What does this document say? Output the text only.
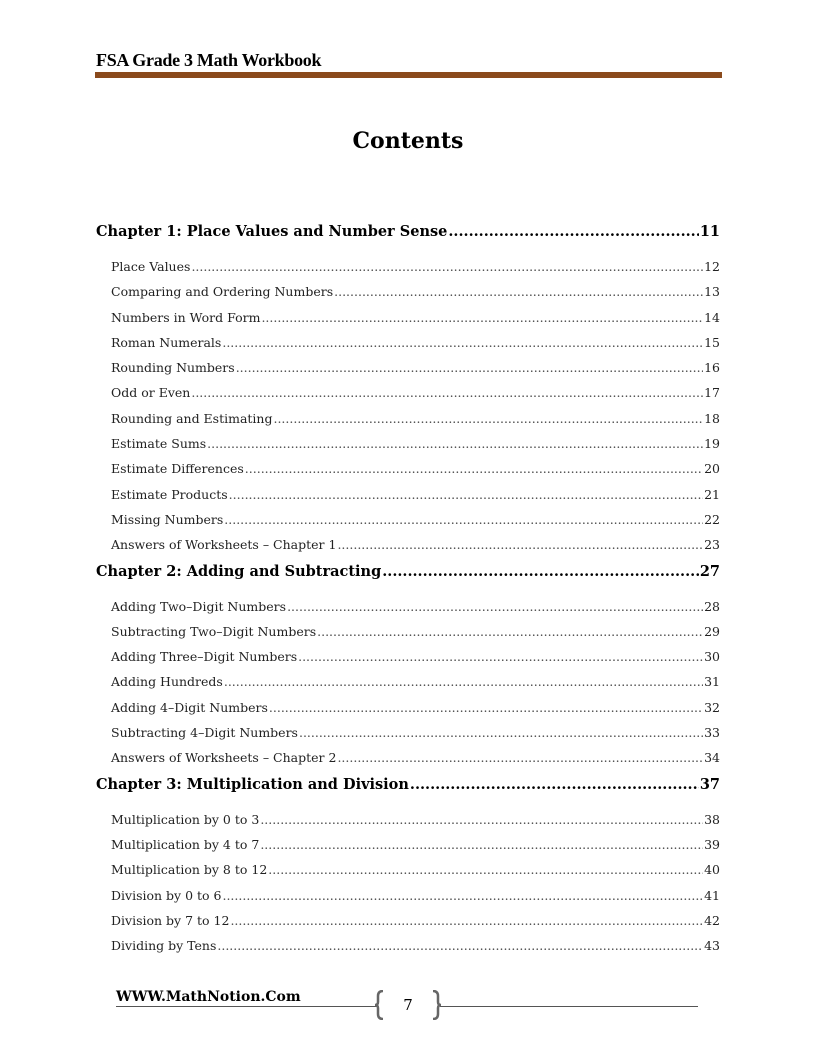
FSA Grade 3 Math Workbook
Contents
Chapter 1: Place Values and Number Sense .....	11
Place Values .....	12
Comparing and Ordering Numbers .....	13
Numbers in Word Form .....	14
Roman Numerals .....	15
Rounding Numbers .....	16
Odd or Even .....	17
Rounding and Estimating .....	18
Estimate Sums .....	19
Estimate Differences .....	20
Estimate Products .....	21
Missing Numbers .....	22
Answers of Worksheets – Chapter 1 .....	23
Chapter 2: Adding and Subtracting .....	27
Adding Two–Digit Numbers .....	28
Subtracting Two–Digit Numbers .....	29
Adding Three–Digit Numbers .....	30
Adding Hundreds .....	31
Adding 4–Digit Numbers .....	32
Subtracting 4–Digit Numbers .....	33
Answers of Worksheets – Chapter 2 .....	34
Chapter 3: Multiplication and Division .....	37
Multiplication by 0 to 3 .....	38
Multiplication by 4 to 7 .....	39
Multiplication by 8 to 12 .....	40
Division by 0 to 6 .....	41
Division by 7 to 12 .....	42
Dividing by Tens .....	43
WWW.MathNotion.Com	7
